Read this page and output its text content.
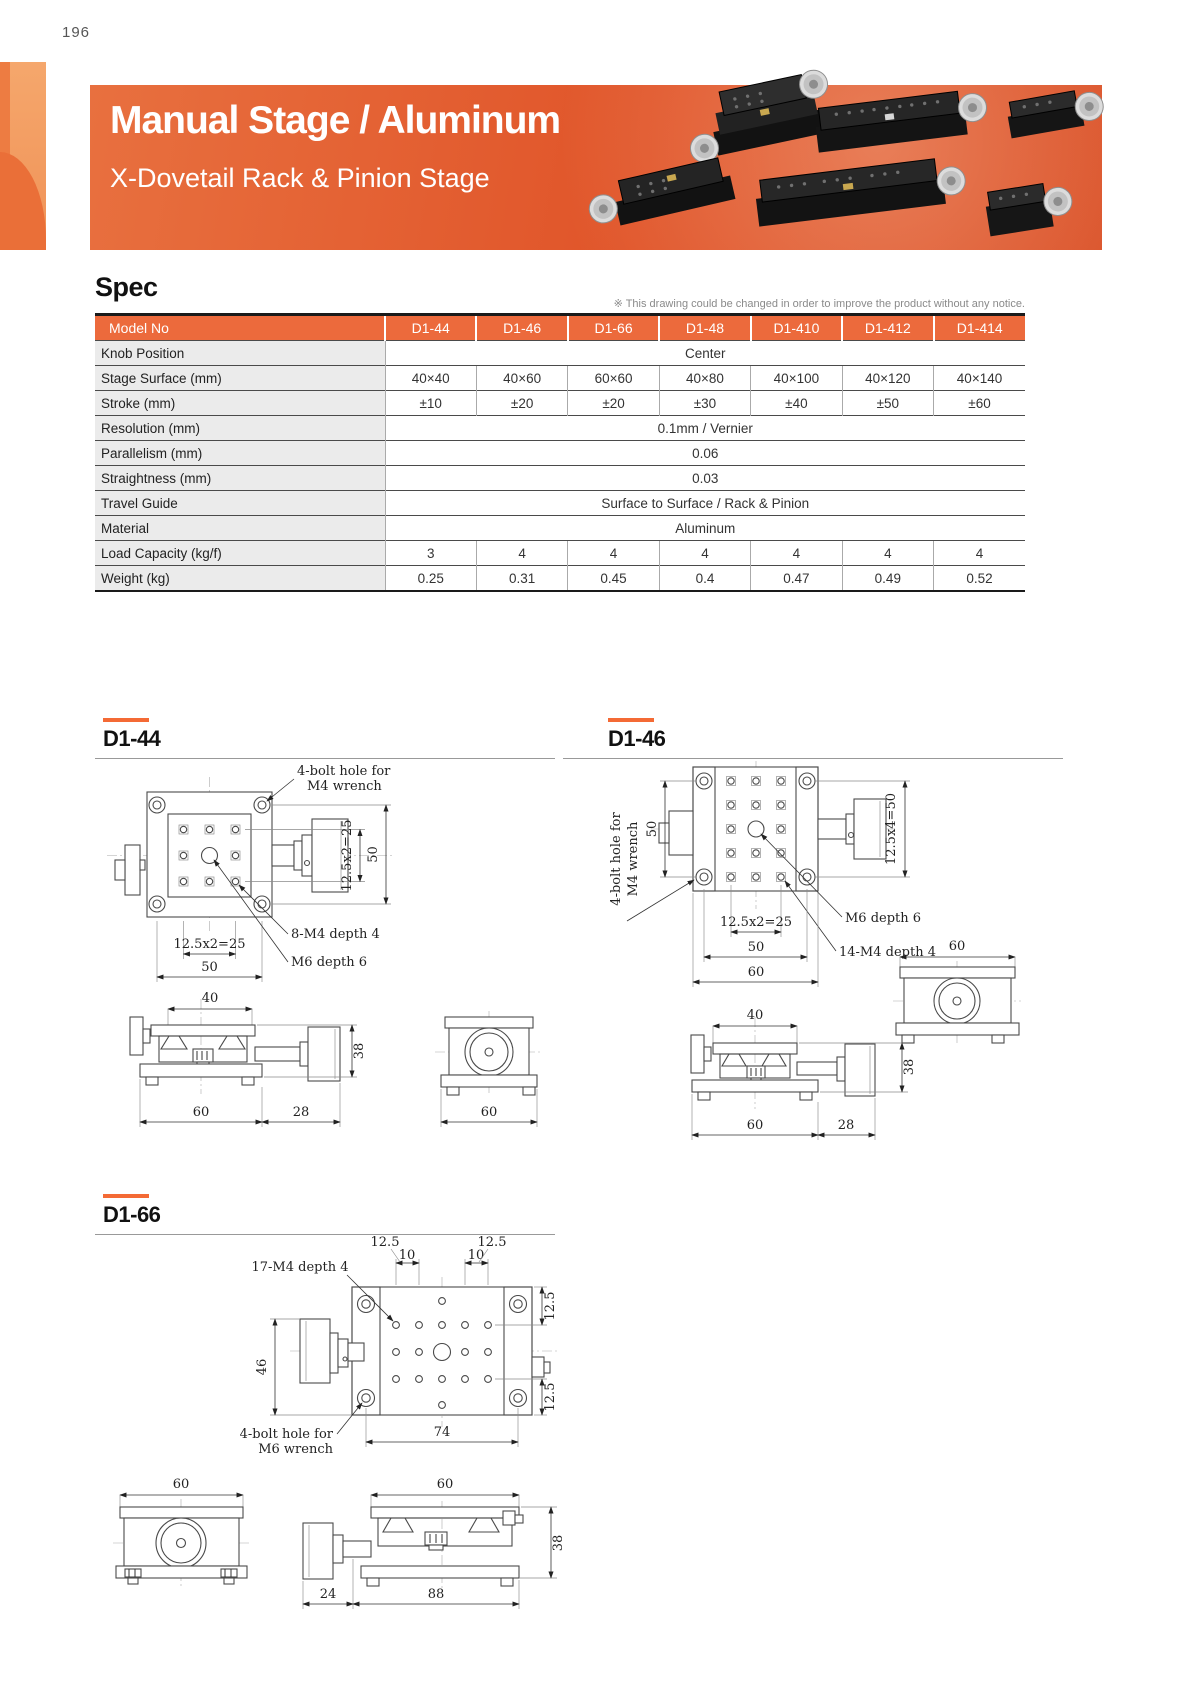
196
Manual Stage / Aluminum
X-Dovetail Rack & Pinion Stage
Spec
※ This drawing could be changed in order to improve the product without any notice.
Model No	D1-44	D1-46	D1-66	D1-48	D1-410	D1-412	D1-414
Knob Position	Center						
Stage Surface (mm)	40×40	40×60	60×60	40×80	40×100	40×120	40×140
Stroke (mm)	±10	±20	±20	±30	±40	±50	±60
Resolution (mm)	0.1mm / Vernier						
Parallelism (mm)	0.06						
Straightness (mm)	0.03						
Travel Guide	Surface to Surface / Rack & Pinion						
Material	Aluminum						
Load Capacity (kg/f)	3	4	4	4	4	4	4
Weight (kg)	0.25	0.31	0.45	0.4	0.47	0.49	0.52
D1-44
12.5x2=25 50
4-bolt hole for
M4 wrench
12.5x2=25
50
8-M4 depth 4
M6 depth 6
40
38
60	28	60
D1-46
50
4-bolt hole for M4 wrench	12.5x4=50
M6 depth 6
14-M4 depth 4
12.5x2=25
50
60
40
38
60	28
60
D1-66
10	10
12.5	12.5
17-M4 depth 4
12.5
12.5
46
74
4-bolt hole for
M6 wrench
60	60
38
24	88
